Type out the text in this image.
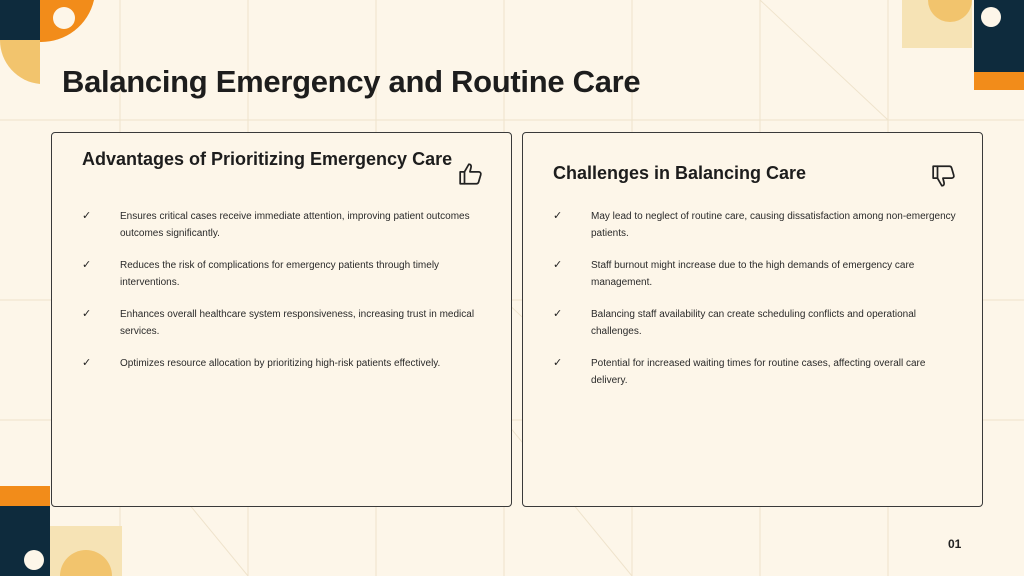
Balancing Emergency and Routine Care
Advantages of Prioritizing Emergency Care
✓	Ensures critical cases receive immediate attention, improving patient outcomes outcomes significantly.
✓	Reduces the risk of complications for emergency patients through timely interventions.
✓	Enhances overall healthcare system responsiveness, increasing trust in medical services.
✓	Optimizes resource allocation by prioritizing high-risk patients effectively.
Challenges in Balancing Care
✓	May lead to neglect of routine care, causing dissatisfaction among non-emergency patients.
✓	Staff burnout might increase due to the high demands of emergency care management.
✓	Balancing staff availability can create scheduling conflicts and operational challenges.
✓	Potential for increased waiting times for routine cases, affecting overall care delivery.
01
